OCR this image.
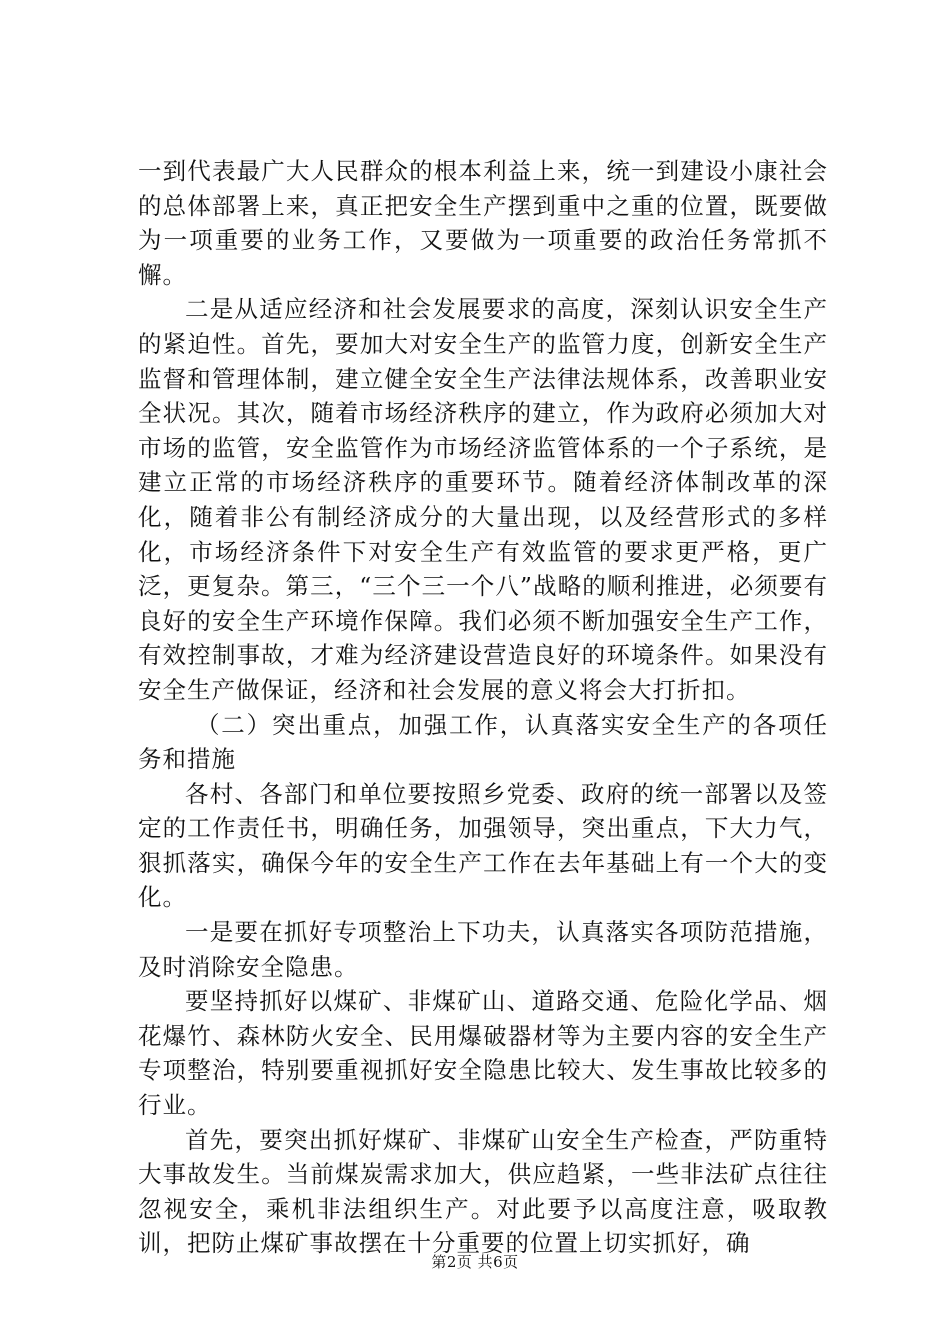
一到代表最广大人民群众的根本利益上来，统一到建设小康社会的总体部署上来，真正把安全生产摆到重中之重的位置，既要做为一项重要的业务工作，又要做为一项重要的政治任务常抓不懈。

二是从适应经济和社会发展要求的高度，深刻认识安全生产的紧迫性。首先，要加大对安全生产的监管力度，创新安全生产监督和管理体制，建立健全安全生产法律法规体系，改善职业安全状况。其次，随着市场经济秩序的建立，作为政府必须加大对市场的监管，安全监管作为市场经济监管体系的一个子系统，是建立正常的市场经济秩序的重要环节。随着经济体制改革的深化，随着非公有制经济成分的大量出现，以及经营形式的多样化，市场经济条件下对安全生产有效监管的要求更严格，更广泛，更复杂。第三，“三个三一个八”战略的顺利推进，必须要有良好的安全生产环境作保障。我们必须不断加强安全生产工作，有效控制事故，才难为经济建设营造良好的环境条件。如果没有安全生产做保证，经济和社会发展的意义将会大打折扣。

（二）突出重点，加强工作，认真落实安全生产的各项任务和措施

各村、各部门和单位要按照乡党委、政府的统一部署以及签定的工作责任书，明确任务，加强领导，突出重点，下大力气，狠抓落实，确保今年的安全生产工作在去年基础上有一个大的变化。

一是要在抓好专项整治上下功夫，认真落实各项防范措施，及时消除安全隐患。

要坚持抓好以煤矿、非煤矿山、道路交通、危险化学品、烟花爆竹、森林防火安全、民用爆破器材等为主要内容的安全生产专项整治，特别要重视抓好安全隐患比较大、发生事故比较多的行业。

首先，要突出抓好煤矿、非煤矿山安全生产检查，严防重特大事故发生。当前煤炭需求加大，供应趋紧，一些非法矿点往往忽视安全，乘机非法组织生产。对此要予以高度注意，吸取教训，把防止煤矿事故摆在十分重要的位置上切实抓好，确

第2页 共6页
